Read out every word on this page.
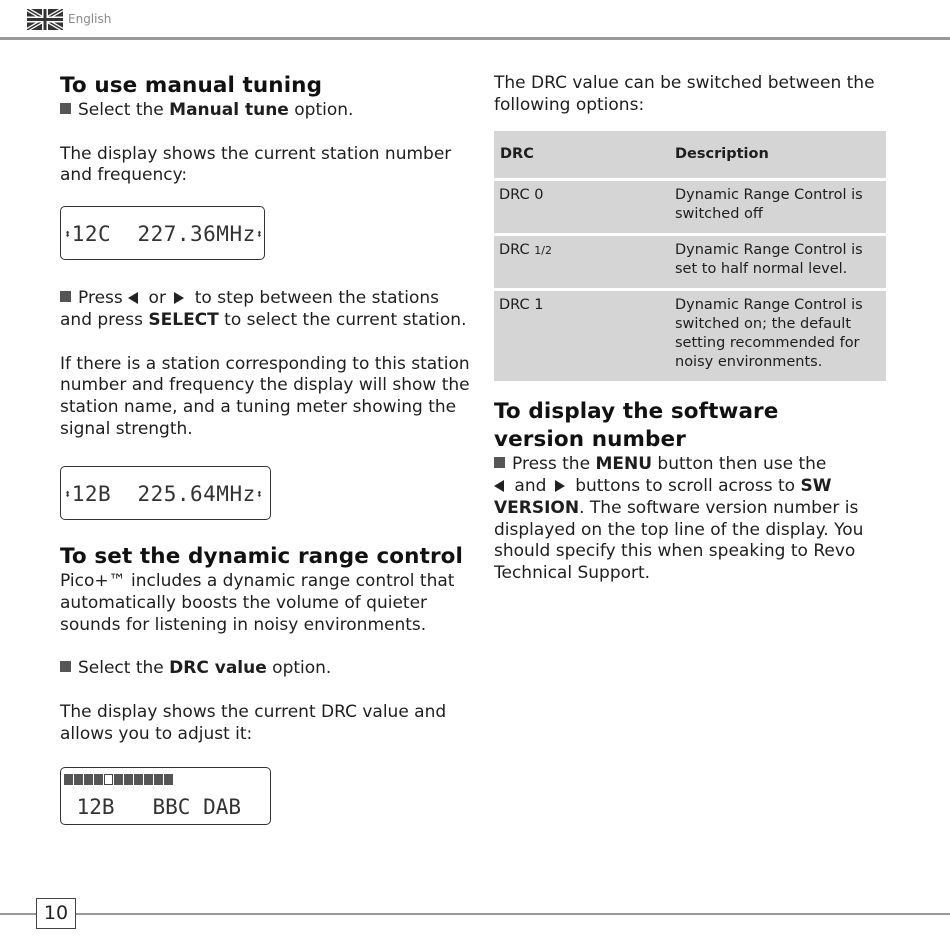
English
To use manual tuning

Select the Manual tune option.

The display shows the current station number and frequency:

⬍12C  227.36MHz⬍

Press  or  to step between the stations and press SELECT to select the current station.

If there is a station corresponding to this station number and frequency the display will show the station name, and a tuning meter showing the signal strength.

⬍12B  225.64MHz⬍
To set the dynamic range control

Pico+™ includes a dynamic range control that automatically boosts the volume of quieter sounds for listening in noisy environments.

Select the DRC value option.

The display shows the current DRC value and allows you to adjust it:

12B   BBC DAB

The DRC value can be switched between the following options:

DRC	Description
DRC 0	Dynamic Range Control is switched off
DRC 1/2	Dynamic Range Control is set to half normal level.
DRC 1	Dynamic Range Control is switched on; the default setting recommended for noisy environments.
To display the software
version number

Press the MENU button then use the
and  buttons to scroll across to SW VERSION. The software version number is displayed on the top line of the display. You should specify this when speaking to Revo Technical Support.

10
